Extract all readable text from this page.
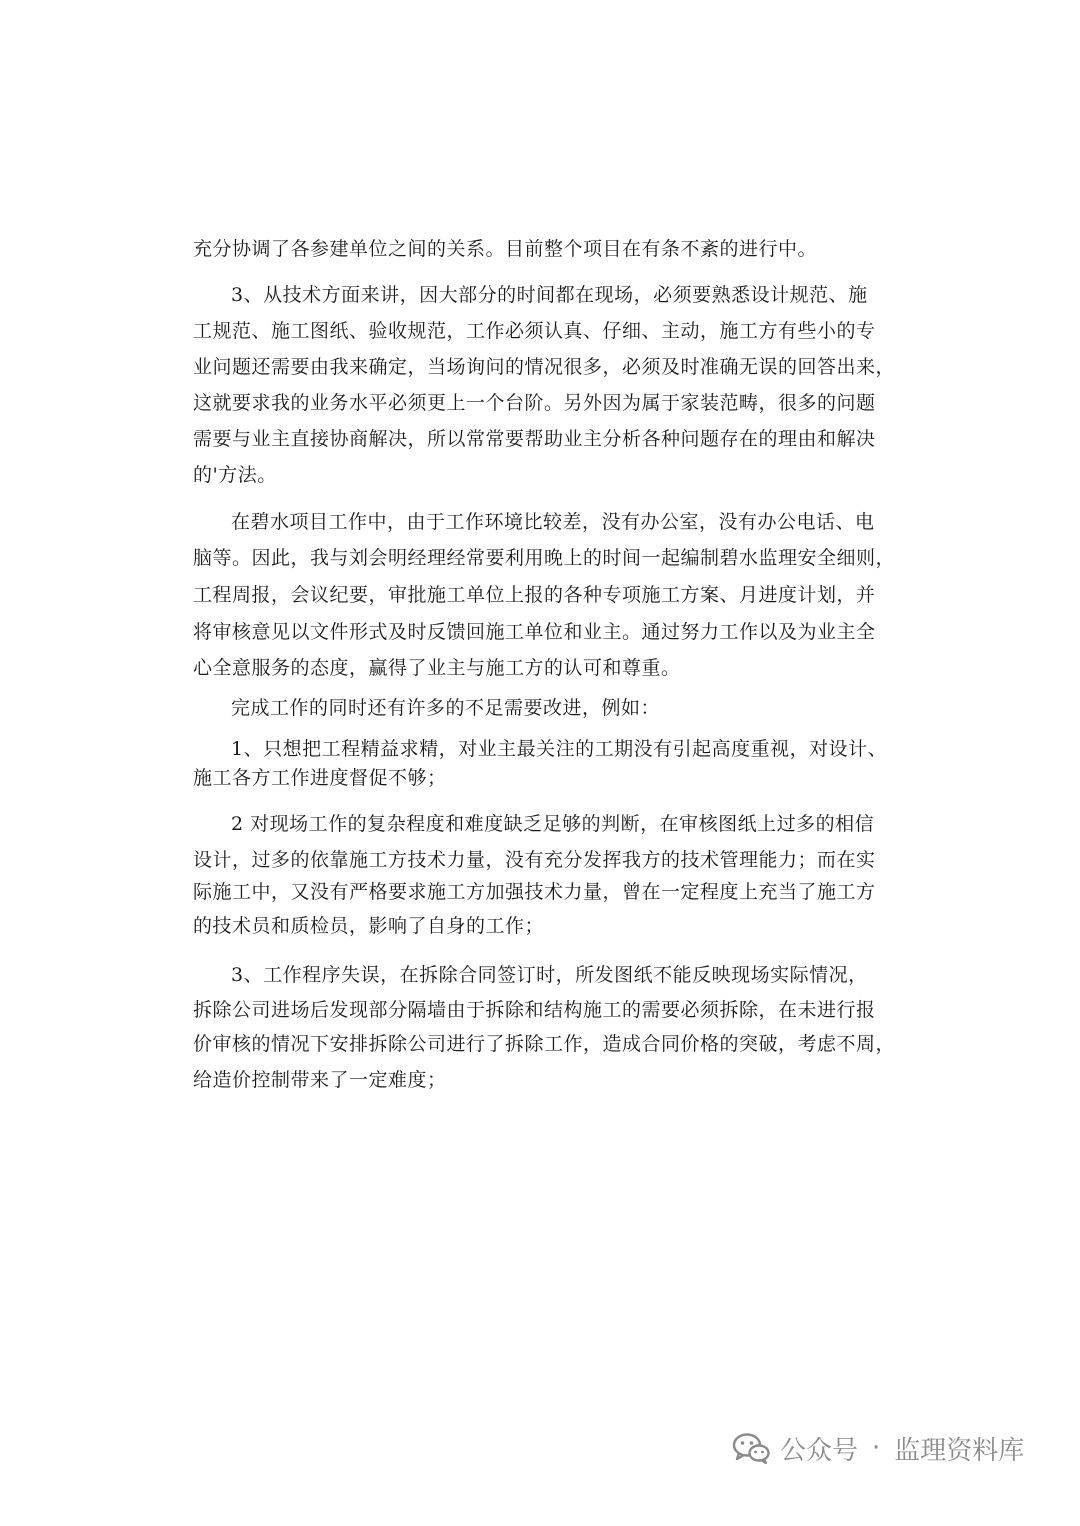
充分协调了各参建单位之间的关系。目前整个项目在有条不紊的进行中。
3、从技术方面来讲，因大部分的时间都在现场，必须要熟悉设计规范、施
工规范、施工图纸、验收规范，工作必须认真、仔细、主动，施工方有些小的专
业问题还需要由我来确定，当场询问的情况很多，必须及时准确无误的回答出来，
这就要求我的业务水平必须更上一个台阶。另外因为属于家装范畴，很多的问题
需要与业主直接协商解决，所以常常要帮助业主分析各种问题存在的理由和解决
的'方法。
在碧水项目工作中，由于工作环境比较差，没有办公室，没有办公电话、电
脑等。因此，我与刘会明经理经常要利用晚上的时间一起编制碧水监理安全细则，
工程周报，会议纪要，审批施工单位上报的各种专项施工方案、月进度计划，并
将审核意见以文件形式及时反馈回施工单位和业主。通过努力工作以及为业主全
心全意服务的态度，赢得了业主与施工方的认可和尊重。
完成工作的同时还有许多的不足需要改进，例如：
1、只想把工程精益求精，对业主最关注的工期没有引起高度重视，对设计、
施工各方工作进度督促不够；
2 对现场工作的复杂程度和难度缺乏足够的判断，在审核图纸上过多的相信
设计，过多的依靠施工方技术力量，没有充分发挥我方的技术管理能力；而在实
际施工中，又没有严格要求施工方加强技术力量，曾在一定程度上充当了施工方
的技术员和质检员，影响了自身的工作；
3、工作程序失误，在拆除合同签订时，所发图纸不能反映现场实际情况，
拆除公司进场后发现部分隔墙由于拆除和结构施工的需要必须拆除，在未进行报
价审核的情况下安排拆除公司进行了拆除工作，造成合同价格的突破，考虑不周，
给造价控制带来了一定难度；
公众号 · 监理资料库
